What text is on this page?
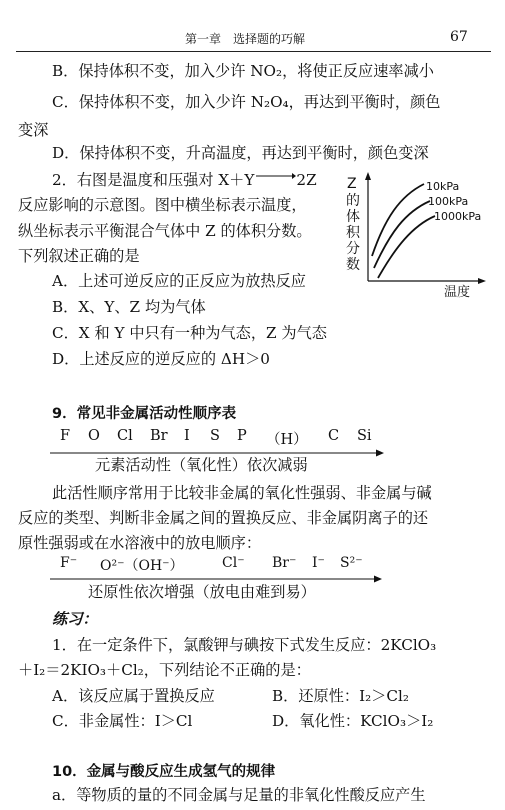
第一章　选择题的巧解	67
B．保持体积不变，加入少许 NO₂，将使正反应速率减小
C．保持体积不变，加入少许 N₂O₄，再达到平衡时，颜色
变深
D．保持体积不变，升高温度，再达到平衡时，颜色变深
2．右图是温度和压强对 X＋Y→2Z
反应影响的示意图。图中横坐标表示温度，
纵坐标表示平衡混合气体中 Z 的体积分数。
下列叙述正确的是
A．上述可逆反应的正反应为放热反应
B．X、Y、Z 均为气体
C．X 和 Y 中只有一种为气态，Z 为气态
D．上述反应的逆反应的 ΔH＞0
Z
的
体
积
分
数
10kPa
100kPa
1000kPa
温度
9．常见非金属活动性顺序表
F O Cl Br I S P （H） C Si
元素活动性（氧化性）依次减弱
此活性顺序常用于比较非金属的氧化性强弱、非金属与碱
反应的类型、判断非金属之间的置换反应、非金属阴离子的还
原性强弱或在水溶液中的放电顺序：
F⁻ O²⁻（OH⁻）	Cl⁻ Br⁻ I⁻ S²⁻
还原性依次增强（放电由难到易）
练习：
1．在一定条件下，氯酸钾与碘按下式发生反应：2KClO₃
＋I₂＝2KIO₃＋Cl₂，下列结论不正确的是：
A．该反应属于置换反应	B．还原性：I₂＞Cl₂
C．非金属性：I＞Cl	D．氧化性：KClO₃＞I₂
10．金属与酸反应生成氢气的规律
a．等物质的量的不同金属与足量的非氧化性酸反应产生
